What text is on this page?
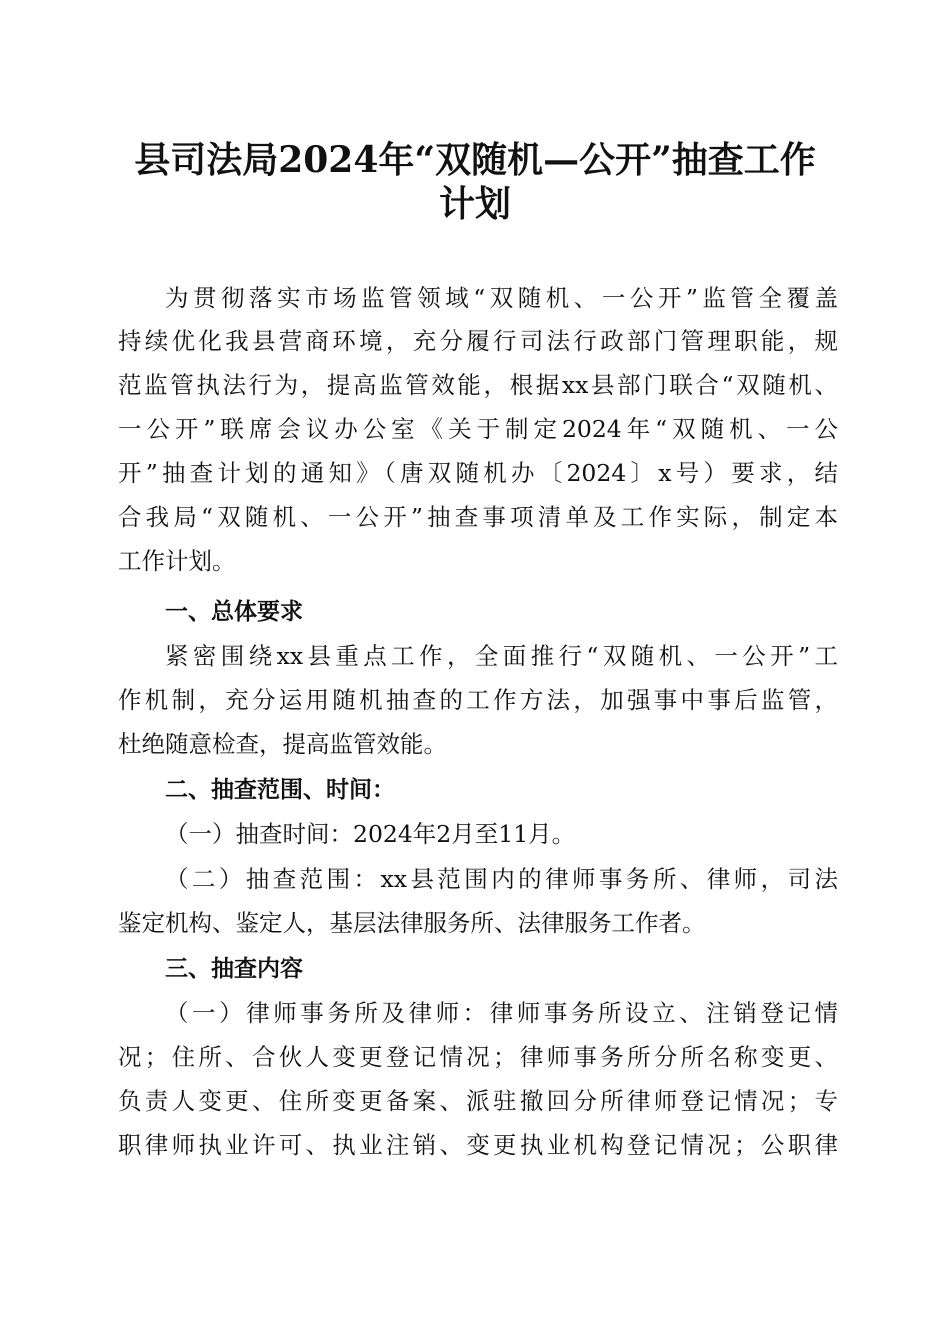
县司法局2024年“双随机—公开”抽查工作
计划

为贯彻落实市场监管领域“双随机、一公开”监管全覆盖

持续优化我县营商环境，充分履行司法行政部门管理职能，规

范监管执法行为，提高监管效能，根据xx县部门联合“双随机、

一公开”联席会议办公室《关于制定2024年“双随机、一公

开”抽查计划的通知》（唐双随机办〔2024〕x号）要求，结

合我局“双随机、一公开”抽查事项清单及工作实际，制定本

工作计划。

一、总体要求

紧密围绕xx县重点工作，全面推行“双随机、一公开”工

作机制，充分运用随机抽查的工作方法，加强事中事后监管，

杜绝随意检查，提高监管效能。

二、抽查范围、时间：

（一）抽查时间：2024年2月至11月。

（二）抽查范围：xx县范围内的律师事务所、律师，司法

鉴定机构、鉴定人，基层法律服务所、法律服务工作者。

三、抽查内容

（一）律师事务所及律师：律师事务所设立、注销登记情

况；住所、合伙人变更登记情况；律师事务所分所名称变更、

负责人变更、住所变更备案、派驻撤回分所律师登记情况；专

职律师执业许可、执业注销、变更执业机构登记情况；公职律
